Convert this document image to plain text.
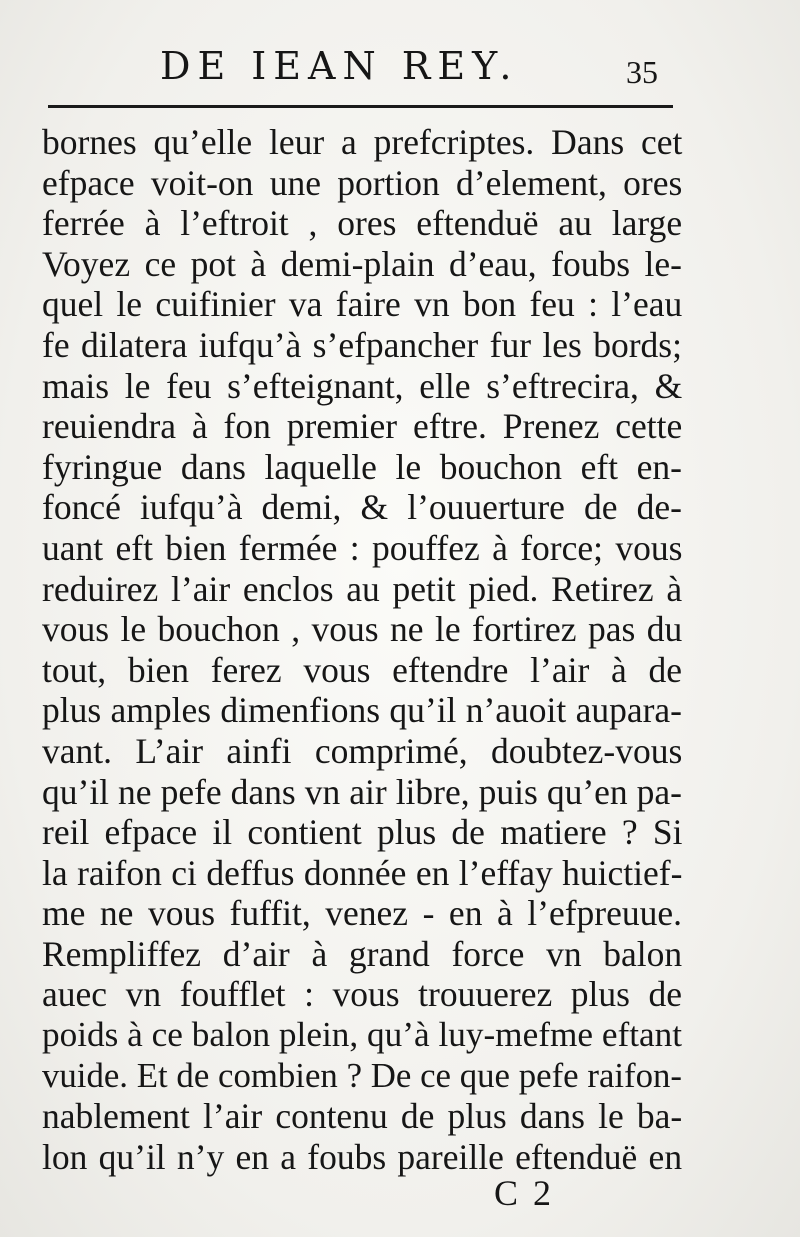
DE IEAN REY.	35
bornes qu’elle leur a prefcriptes. Dans cet
efpace voit-on une portion d’element, ores
ferrée à l’eftroit , ores eftenduë au large
Voyez ce pot à demi-plain d’eau, foubs le-
quel le cuifinier va faire vn bon feu : l’eau
fe dilatera iufqu’à s’efpancher fur les bords;
mais le feu s’efteignant, elle s’eftrecira, &
reuiendra à fon premier eftre. Prenez cette
fyringue dans laquelle le bouchon eft en-
foncé iufqu’à demi, & l’ouuerture de de-
uant eft bien fermée : pouffez à force; vous
reduirez l’air enclos au petit pied. Retirez à
vous le bouchon , vous ne le fortirez pas du
tout, bien ferez vous eftendre l’air à de
plus amples dimenfions qu’il n’auoit aupara-
vant. L’air ainfi comprimé, doubtez-vous
qu’il ne pefe dans vn air libre, puis qu’en pa-
reil efpace il contient plus de matiere ? Si
la raifon ci deffus donnée en l’effay huictief-
me ne vous fuffit, venez - en à l’efpreuue.
Rempliffez d’air à grand force vn balon
auec vn foufflet : vous trouuerez plus de
poids à ce balon plein, qu’à luy-mefme eftant
vuide. Et de combien ? De ce que pefe raifon-
nablement l’air contenu de plus dans le ba-
lon qu’il n’y en a foubs pareille eftenduë en
C 2
